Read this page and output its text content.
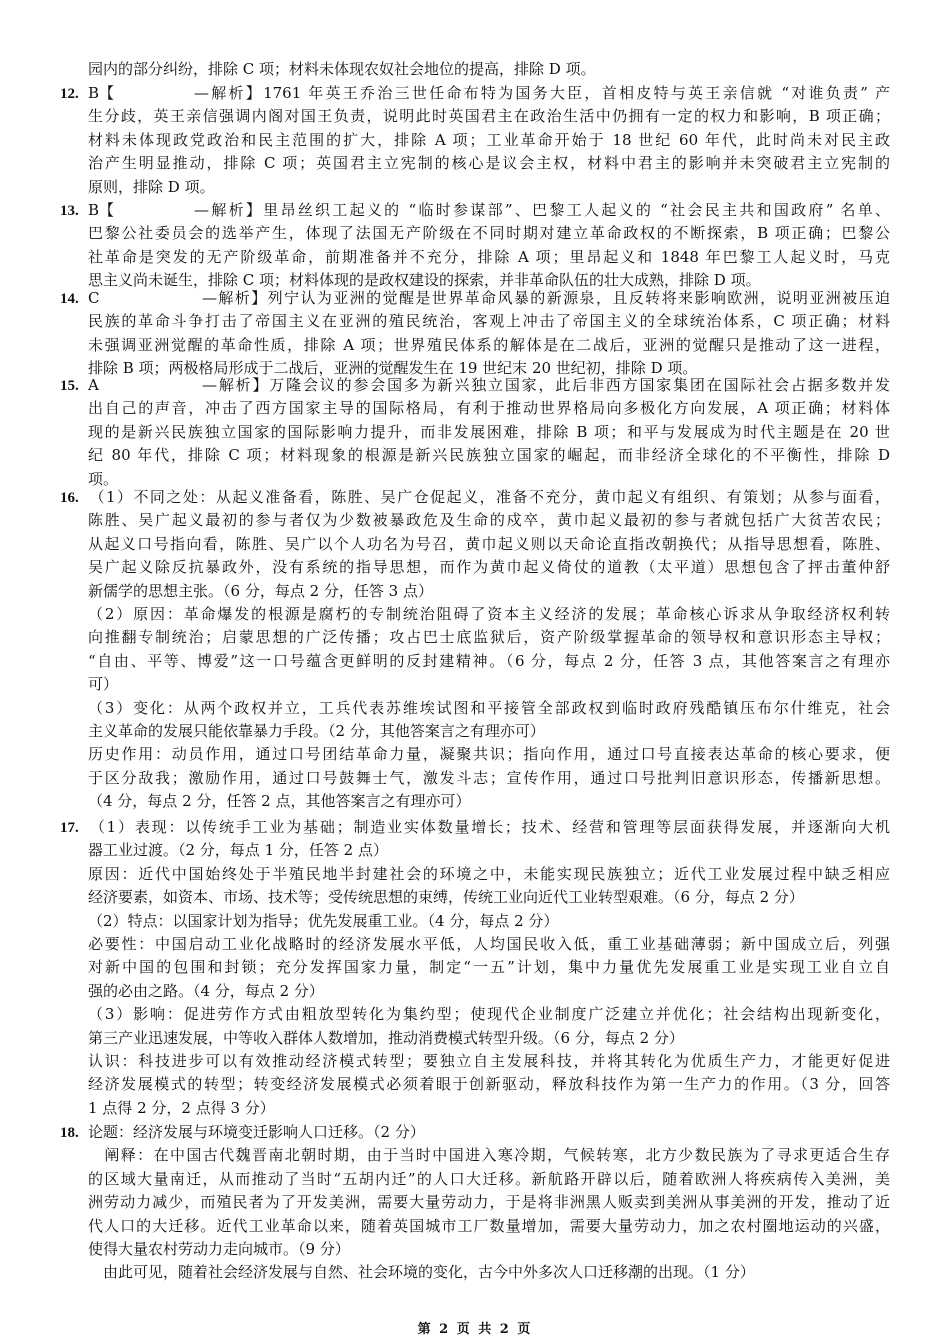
园内的部分纠纷，排除 C 项；材料未体现农奴社会地位的提高，排除 D 项。
12. B【	—解析】1761 年英王乔治三世任命布特为国务大臣，首相皮特与英王亲信就 “对谁负责” 产
生分歧，英王亲信强调内阁对国王负责，说明此时英国君主在政治生活中仍拥有一定的权力和影响，B 项正确；
材料未体现政党政治和民主范围的扩大，排除 A 项；工业革命开始于 18 世纪 60 年代，此时尚未对民主政
治产生明显推动，排除 C 项；英国君主立宪制的核心是议会主权，材料中君主的影响并未突破君主立宪制的
原则，排除 D 项。
13. B【	—解析】里昂丝织工起义的 “临时参谋部”、巴黎工人起义的 “社会民主共和国政府” 名单、
巴黎公社委员会的选举产生，体现了法国无产阶级在不同时期对建立革命政权的不断探索，B 项正确；巴黎公
社革命是突发的无产阶级革命，前期准备并不充分，排除 A 项；里昂起义和 1848 年巴黎工人起义时，马克
思主义尚未诞生，排除 C 项；材料体现的是政权建设的探索，并非革命队伍的壮大成熟，排除 D 项。
14. C	—解析】列宁认为亚洲的觉醒是世界革命风暴的新源泉，且反转将来影响欧洲，说明亚洲被压迫
民族的革命斗争打击了帝国主义在亚洲的殖民统治，客观上冲击了帝国主义的全球统治体系，C 项正确；材料
未强调亚洲觉醒的革命性质，排除 A 项；世界殖民体系的解体是在二战后，亚洲的觉醒只是推动了这一进程，
排除 B 项；两极格局形成于二战后，亚洲的觉醒发生在 19 世纪末 20 世纪初，排除 D 项。
15. A	—解析】万隆会议的参会国多为新兴独立国家，此后非西方国家集团在国际社会占据多数并发
出自己的声音，冲击了西方国家主导的国际格局，有利于推动世界格局向多极化方向发展，A 项正确；材料体
现的是新兴民族独立国家的国际影响力提升，而非发展困难，排除 B 项；和平与发展成为时代主题是在 20 世
纪 80 年代，排除 C 项；材料现象的根源是新兴民族独立国家的崛起，而非经济全球化的不平衡性，排除 D
项。
16. （1）不同之处：从起义准备看，陈胜、吴广仓促起义，准备不充分，黄巾起义有组织、有策划；从参与面看，
陈胜、吴广起义最初的参与者仅为少数被暴政危及生命的戍卒，黄巾起义最初的参与者就包括广大贫苦农民；
从起义口号指向看，陈胜、吴广以个人功名为号召，黄巾起义则以天命论直指改朝换代；从指导思想看，陈胜、
吴广起义除反抗暴政外，没有系统的指导思想，而作为黄巾起义倚仗的道教（太平道）思想包含了抨击董仲舒
新儒学的思想主张。（6 分，每点 2 分，任答 3 点）
（2）原因：革命爆发的根源是腐朽的专制统治阻碍了资本主义经济的发展；革命核心诉求从争取经济权利转
向推翻专制统治；启蒙思想的广泛传播；攻占巴士底监狱后，资产阶级掌握革命的领导权和意识形态主导权；
“自由、平等、博爱”这一口号蕴含更鲜明的反封建精神。（6 分，每点 2 分，任答 3 点，其他答案言之有理亦
可）
（3）变化：从两个政权并立，工兵代表苏维埃试图和平接管全部政权到临时政府残酷镇压布尔什维克，社会
主义革命的发展只能依靠暴力手段。（2 分，其他答案言之有理亦可）
历史作用：动员作用，通过口号团结革命力量，凝聚共识；指向作用，通过口号直接表达革命的核心要求，便
于区分敌我；激励作用，通过口号鼓舞士气，激发斗志；宣传作用，通过口号批判旧意识形态，传播新思想。
（4 分，每点 2 分，任答 2 点，其他答案言之有理亦可）
17. （1）表现：以传统手工业为基础；制造业实体数量增长；技术、经营和管理等层面获得发展，并逐渐向大机
器工业过渡。（2 分，每点 1 分，任答 2 点）
原因：近代中国始终处于半殖民地半封建社会的环境之中，未能实现民族独立；近代工业发展过程中缺乏相应
经济要素，如资本、市场、技术等；受传统思想的束缚，传统工业向近代工业转型艰难。（6 分，每点 2 分）
（2）特点：以国家计划为指导；优先发展重工业。（4 分，每点 2 分）
必要性：中国启动工业化战略时的经济发展水平低，人均国民收入低，重工业基础薄弱；新中国成立后，列强
对新中国的包围和封锁；充分发挥国家力量，制定“一五”计划，集中力量优先发展重工业是实现工业自立自
强的必由之路。（4 分，每点 2 分）
（3）影响：促进劳作方式由粗放型转化为集约型；使现代企业制度广泛建立并优化；社会结构出现新变化，
第三产业迅速发展，中等收入群体人数增加，推动消费模式转型升级。（6 分，每点 2 分）
认识：科技进步可以有效推动经济模式转型；要独立自主发展科技，并将其转化为优质生产力，才能更好促进
经济发展模式的转型；转变经济发展模式必须着眼于创新驱动，释放科技作为第一生产力的作用。（3 分，回答
1 点得 2 分，2 点得 3 分）
18. 论题：经济发展与环境变迁影响人口迁移。（2 分）
　阐释：在中国古代魏晋南北朝时期，由于当时中国进入寒冷期，气候转寒，北方少数民族为了寻求更适合生存
的区域大量南迁，从而推动了当时“五胡内迁”的人口大迁移。新航路开辟以后，随着欧洲人将疾病传入美洲，美
洲劳动力减少，而殖民者为了开发美洲，需要大量劳动力，于是将非洲黑人贩卖到美洲从事美洲的开发，推动了近
代人口的大迁移。近代工业革命以来，随着英国城市工厂数量增加，需要大量劳动力，加之农村圈地运动的兴盛，
使得大量农村劳动力走向城市。（9 分）
　由此可见，随着社会经济发展与自然、社会环境的变化，古今中外多次人口迁移潮的出现。（1 分）
第 2 页 共 2 页
